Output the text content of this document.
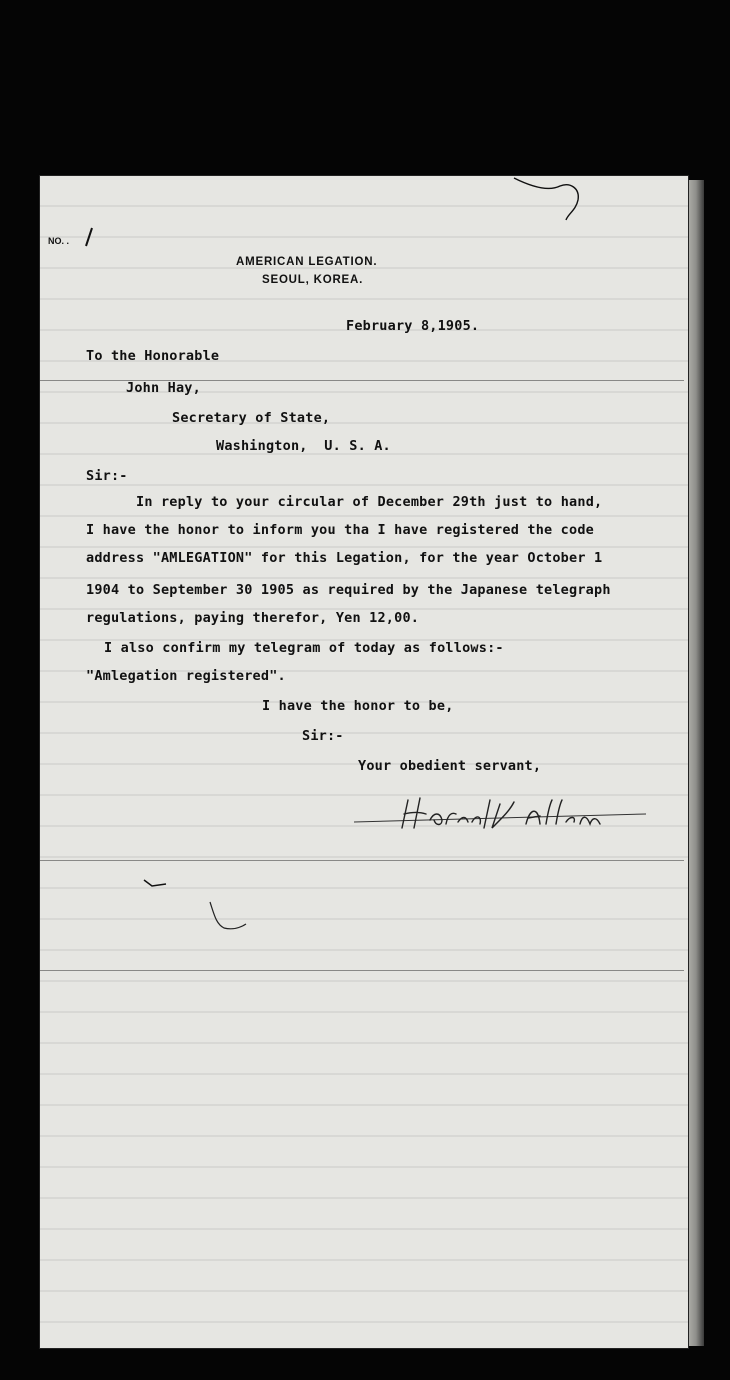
NO. .
AMERICAN LEGATION.
SEOUL, KOREA.
February 8,1905.
To the Honorable
John Hay,
Secretary of State,
Washington,  U. S. A.
Sir:-
In reply to your circular of December 29th just to hand,
I have the honor to inform you tha I have registered the code
address "AMLEGATION" for this Legation, for the year October 1
1904 to September 30 1905 as required by the Japanese telegraph
regulations, paying therefor, Yen 12,00.
I also confirm my telegram of today as follows:-
"Amlegation registered".
I have the honor to be,
Sir:-
Your obedient servant,
